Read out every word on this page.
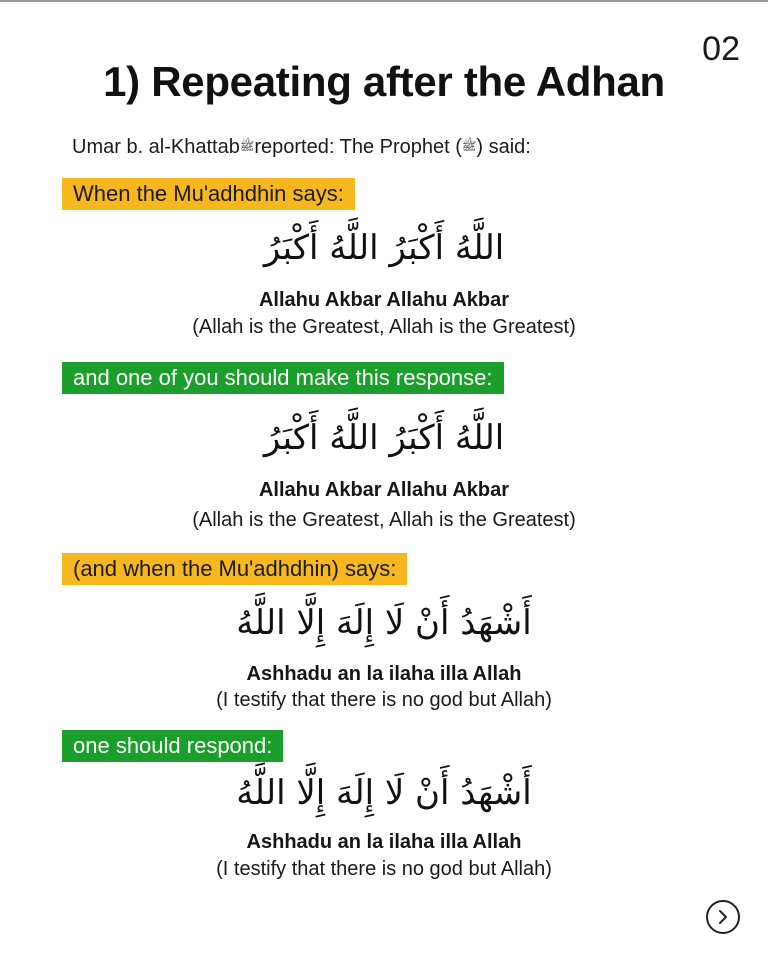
02
1) Repeating after the Adhan
Umar b. al-Khattabﷺreported: The Prophet (ﷺ) said:
When the Mu'adhdhin says:
اللَّهُ أَكْبَرُ اللَّهُ أَكْبَرُ
Allahu Akbar Allahu Akbar
(Allah is the Greatest, Allah is the Greatest)
and one of you should make this response:
اللَّهُ أَكْبَرُ اللَّهُ أَكْبَرُ
Allahu Akbar Allahu Akbar
(Allah is the Greatest, Allah is the Greatest)
(and when the Mu'adhdhin) says:
أَشْهَدُ أَنْ لَا إِلَهَ إِلَّا اللَّهُ
Ashhadu an la ilaha illa Allah
(I testify that there is no god but Allah)
one should respond:
أَشْهَدُ أَنْ لَا إِلَهَ إِلَّا اللَّهُ
Ashhadu an la ilaha illa Allah
(I testify that there is no god but Allah)
